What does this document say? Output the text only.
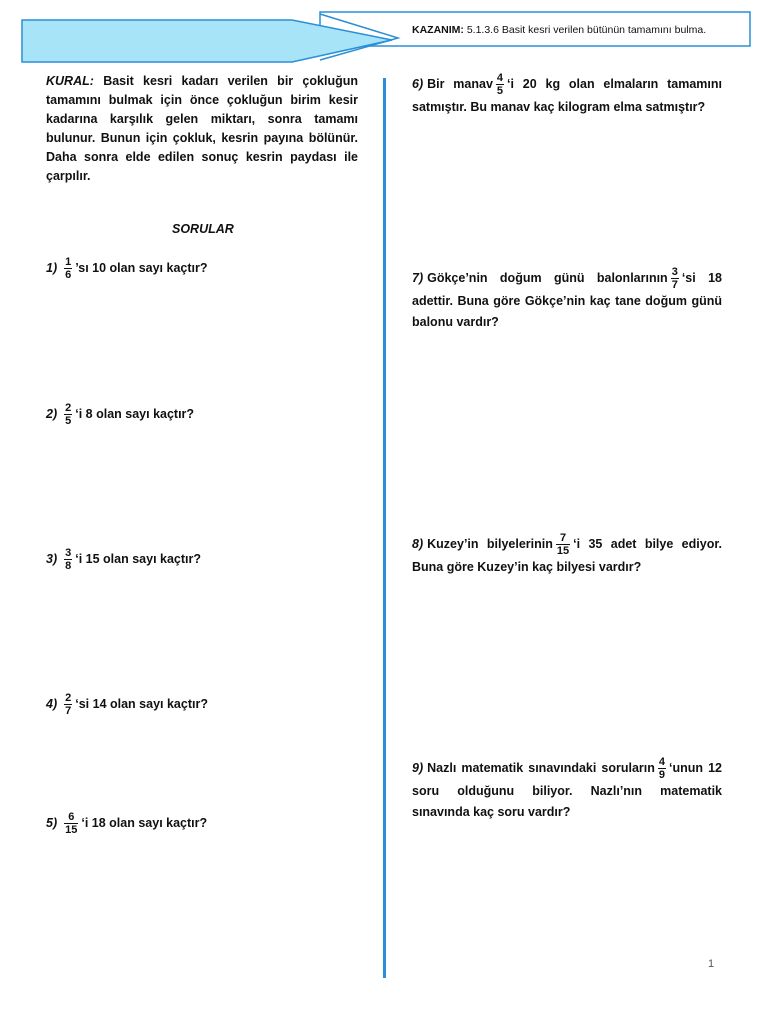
KAZANIM: 5.1.3.6 Basit kesri verilen bütünün tamamını bulma.
KURAL: Basit kesri kadarı verilen bir çokluğun tamamını bulmak için önce çokluğun birim kesir kadarına karşılık gelen miktarı, sonra tamamı bulunur. Bunun için çokluk, kesrin payına bölünür. Daha sonra elde edilen sonuç kesrin paydası ile çarpılır.
SORULAR
$1) \frac{1}{6}$ ’sı 10 olan sayı kaçtır?
$2) \frac{2}{5}$ ‘i 8 olan sayı kaçtır?
$3) \frac{3}{8}$ ‘i 15 olan sayı kaçtır?
$4) \frac{2}{7}$ ‘si 14 olan sayı kaçtır?
$5) \frac{6}{15}$ ‘i 18 olan sayı kaçtır?
6) Bir manav $\frac{4}{5}$ ‘i 20 kg olan elmaların tamamını satmıştır. Bu manav kaç kilogram elma satmıştır?
7) Gökçe’nin doğum günü balonlarının $\frac{3}{7}$ ‘si 18 adettir. Buna göre Gökçe’nin kaç tane doğum günü balonu vardır?
8) Kuzey’in bilyelerinin $\frac{7}{15}$ ‘i 35 adet bilye ediyor. Buna göre Kuzey’in kaç bilyesi vardır?
9) Nazlı matematik sınavındaki soruların $\frac{4}{9}$ ‘unun 12 soru olduğunu biliyor. Nazlı’nın matematik sınavında kaç soru vardır?
1
